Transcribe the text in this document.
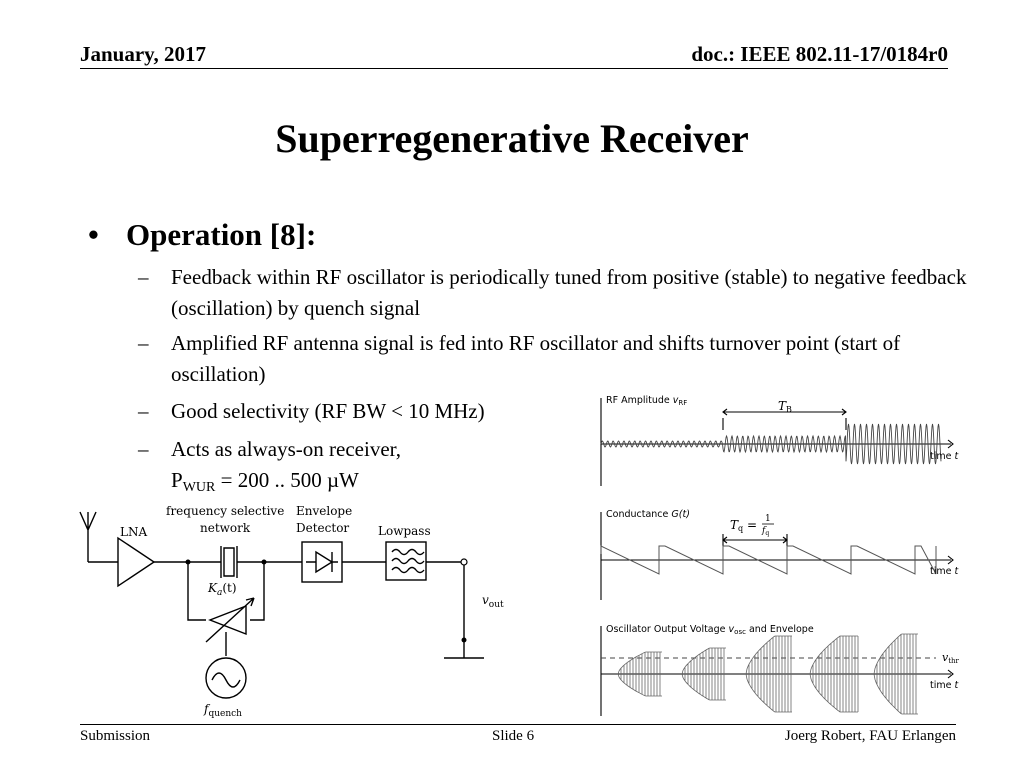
January, 2017	doc.: IEEE 802.11-17/0184r0
Superregenerative Receiver
• Operation [8]:
– Feedback within RF oscillator is periodically tuned from positive (stable) to negative feedback (oscillation) by quench signal
– Amplified RF antenna signal is fed into RF oscillator and shifts turnover point (start of oscillation)
– Good selectivity (RF BW < 10 MHz)
– Acts as always-on receiver,
$P_{WUR} = 200$ .. 500 µW
LNA
frequency selective
network
Envelope
Detector Lowpass
$K_a(t)$
$v_{out}$
$f_{quench}$
RF Amplitude $v_{RF}$	TB
time t
Conductance G(t)
Tq = 1
$f_q$
time t
Oscillator Output Voltage $v_{osc}$ and Envelope
vthr
time t
Submission	Slide 6	Joerg Robert, FAU Erlangen
